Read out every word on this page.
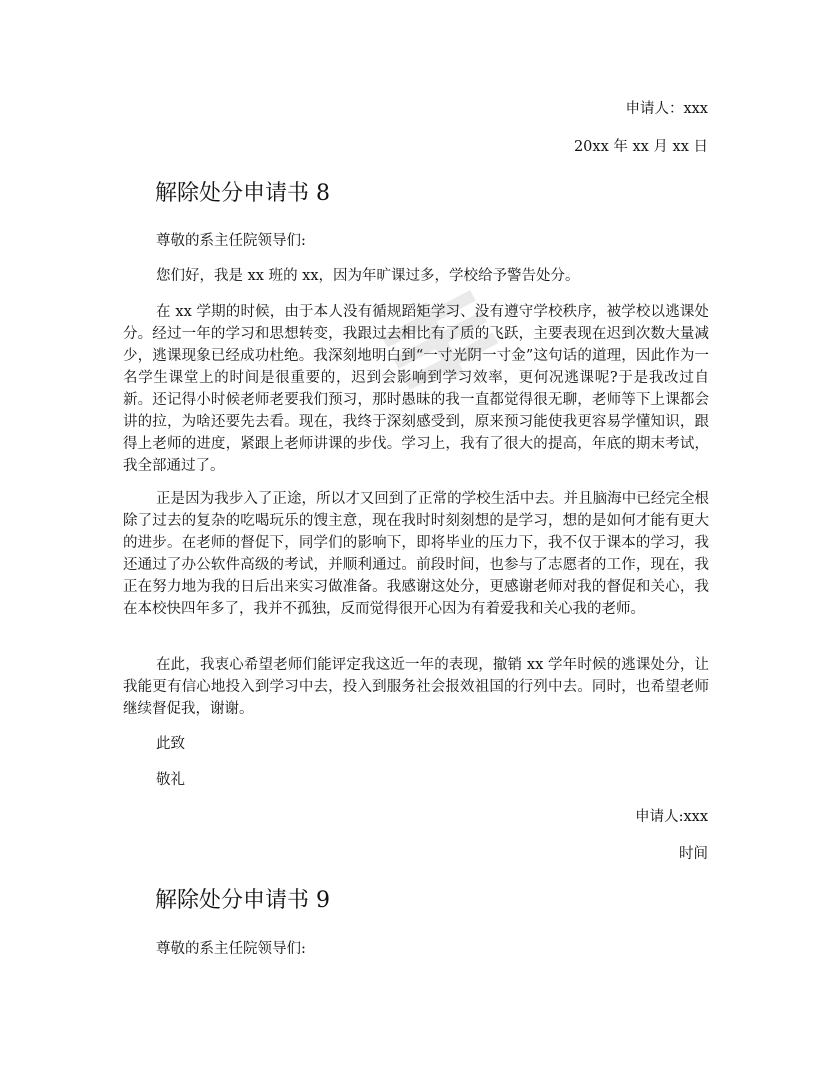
申请人：xxx
20xx 年 xx 月 xx 日
解除处分申请书 8
尊敬的系主任院领导们:

您们好，我是 xx 班的 xx，因为年旷课过多，学校给予警告处分。

在 xx 学期的时候，由于本人没有循规蹈矩学习、没有遵守学校秩序，被学校以逃课处分。经过一年的学习和思想转变，我跟过去相比有了质的飞跃，主要表现在迟到次数大量减少，逃课现象已经成功杜绝。我深刻地明白到“一寸光阴一寸金”这句话的道理，因此作为一名学生课堂上的时间是很重要的，迟到会影响到学习效率，更何况逃课呢?于是我改过自新。还记得小时候老师老要我们预习，那时愚昧的我一直都觉得很无聊，老师等下上课都会讲的拉，为啥还要先去看。现在，我终于深刻感受到，原来预习能使我更容易学懂知识，跟得上老师的进度，紧跟上老师讲课的步伐。学习上，我有了很大的提高，年底的期末考试，我全部通过了。

正是因为我步入了正途，所以才又回到了正常的学校生活中去。并且脑海中已经完全根除了过去的复杂的吃喝玩乐的馊主意，现在我时时刻刻想的是学习，想的是如何才能有更大的进步。在老师的督促下，同学们的影响下，即将毕业的压力下，我不仅于课本的学习，我还通过了办公软件高级的考试，并顺利通过。前段时间，也参与了志愿者的工作，现在，我正在努力地为我的日后出来实习做准备。我感谢这处分，更感谢老师对我的督促和关心，我在本校快四年多了，我并不孤独，反而觉得很开心因为有着爱我和关心我的老师。

在此，我衷心希望老师们能评定我这近一年的表现，撤销 xx 学年时候的逃课处分，让我能更有信心地投入到学习中去，投入到服务社会报效祖国的行列中去。同时，也希望老师继续督促我，谢谢。

此致
敬礼
申请人:xxx
时间
解除处分申请书 9
尊敬的系主任院领导们:
